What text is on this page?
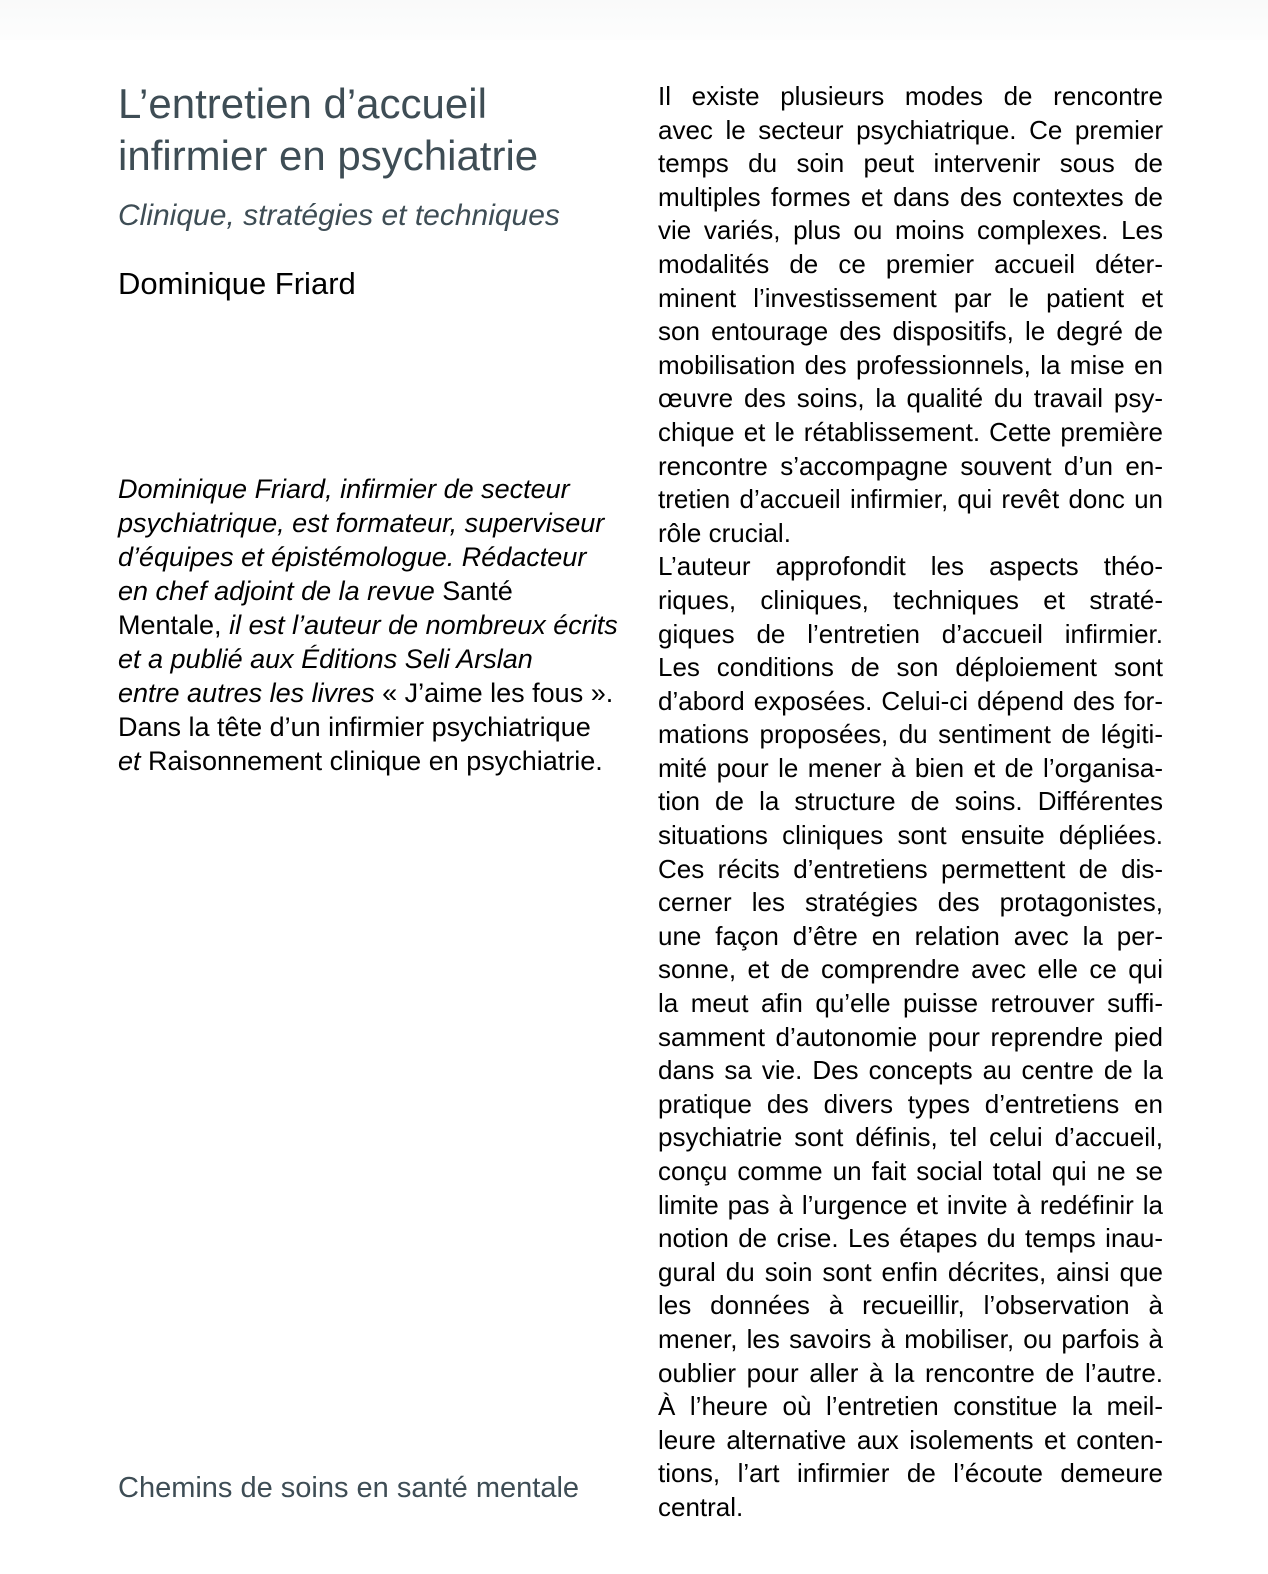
L’entretien d’accueil
infirmier en psychiatrie
Clinique, stratégies et techniques
Dominique Friard
Dominique Friard, infirmier de secteur
psychiatrique, est formateur, superviseur
d’équipes et épistémologue. Rédacteur
en chef adjoint de la revue Santé
Mentale, il est l’auteur de nombreux écrits
et a publié aux Éditions Seli Arslan
entre autres les livres « J’aime les fous ».
Dans la tête d’un infirmier psychiatrique
et Raisonnement clinique en psychiatrie.
Chemins de soins en santé mentale
Il existe plusieurs modes de rencontre
avec le secteur psychiatrique. Ce premier
temps du soin peut intervenir sous de
multiples formes et dans des contextes de
vie variés, plus ou moins complexes. Les
modalités de ce premier accueil déter-
minent l’investissement par le patient et
son entourage des dispositifs, le degré de
mobilisation des professionnels, la mise en
œuvre des soins, la qualité du travail psy-
chique et le rétablissement. Cette première
rencontre s’accompagne souvent d’un en-
tretien d’accueil infirmier, qui revêt donc un
rôle crucial.
L’auteur approfondit les aspects théo-
riques, cliniques, techniques et straté-
giques de l’entretien d’accueil infirmier.
Les conditions de son déploiement sont
d’abord exposées. Celui-ci dépend des for-
mations proposées, du sentiment de légiti-
mité pour le mener à bien et de l’organisa-
tion de la structure de soins. Différentes
situations cliniques sont ensuite dépliées.
Ces récits d’entretiens permettent de dis-
cerner les stratégies des protagonistes,
une façon d’être en relation avec la per-
sonne, et de comprendre avec elle ce qui
la meut afin qu’elle puisse retrouver suffi-
samment d’autonomie pour reprendre pied
dans sa vie. Des concepts au centre de la
pratique des divers types d’entretiens en
psychiatrie sont définis, tel celui d’accueil,
conçu comme un fait social total qui ne se
limite pas à l’urgence et invite à redéfinir la
notion de crise. Les étapes du temps inau-
gural du soin sont enfin décrites, ainsi que
les données à recueillir, l’observation à
mener, les savoirs à mobiliser, ou parfois à
oublier pour aller à la rencontre de l’autre.
À l’heure où l’entretien constitue la meil-
leure alternative aux isolements et conten-
tions, l’art infirmier de l’écoute demeure
central.
